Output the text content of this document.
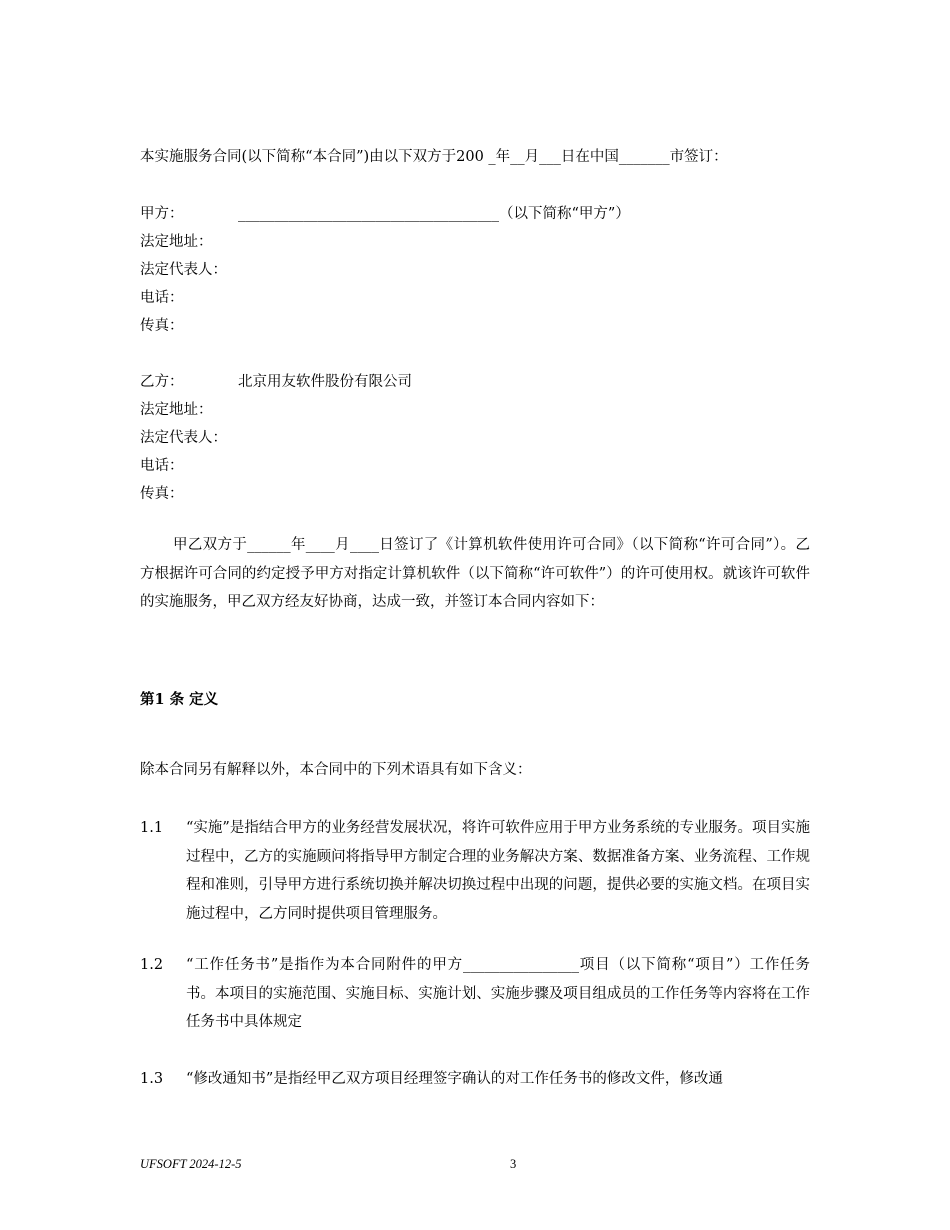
本实施服务合同(以下简称“本合同”)由以下双方于200 _年__月___日在中国_______市签订：
甲方：	____________________________________（以下简称“甲方”）
法定地址：
法定代表人：
电话：
传真：
乙方：	北京用友软件股份有限公司
法定地址：
法定代表人：
电话：
传真：
甲乙双方于______年____月____日签订了《计算机软件使用许可合同》（以下简称“许可合同”）。乙方根据许可合同的约定授予甲方对指定计算机软件（以下简称“许可软件”）的许可使用权。就该许可软件的实施服务，甲乙双方经友好协商，达成一致，并签订本合同内容如下：
第1 条 定义
除本合同另有解释以外，本合同中的下列术语具有如下含义：
1.1 “实施”是指结合甲方的业务经营发展状况，将许可软件应用于甲方业务系统的专业服务。项目实施过程中，乙方的实施顾问将指导甲方制定合理的业务解决方案、数据准备方案、业务流程、工作规程和准则，引导甲方进行系统切换并解决切换过程中出现的问题，提供必要的实施文档。在项目实施过程中，乙方同时提供项目管理服务。
1.2 “工作任务书”是指作为本合同附件的甲方________________项目（以下简称“项目”）工作任务书。本项目的实施范围、实施目标、实施计划、实施步骤及项目组成员的工作任务等内容将在工作任务书中具体规定
1.3 “修改通知书”是指经甲乙双方项目经理签字确认的对工作任务书的修改文件，修改通
UFSOFT 2024-12-5	3
